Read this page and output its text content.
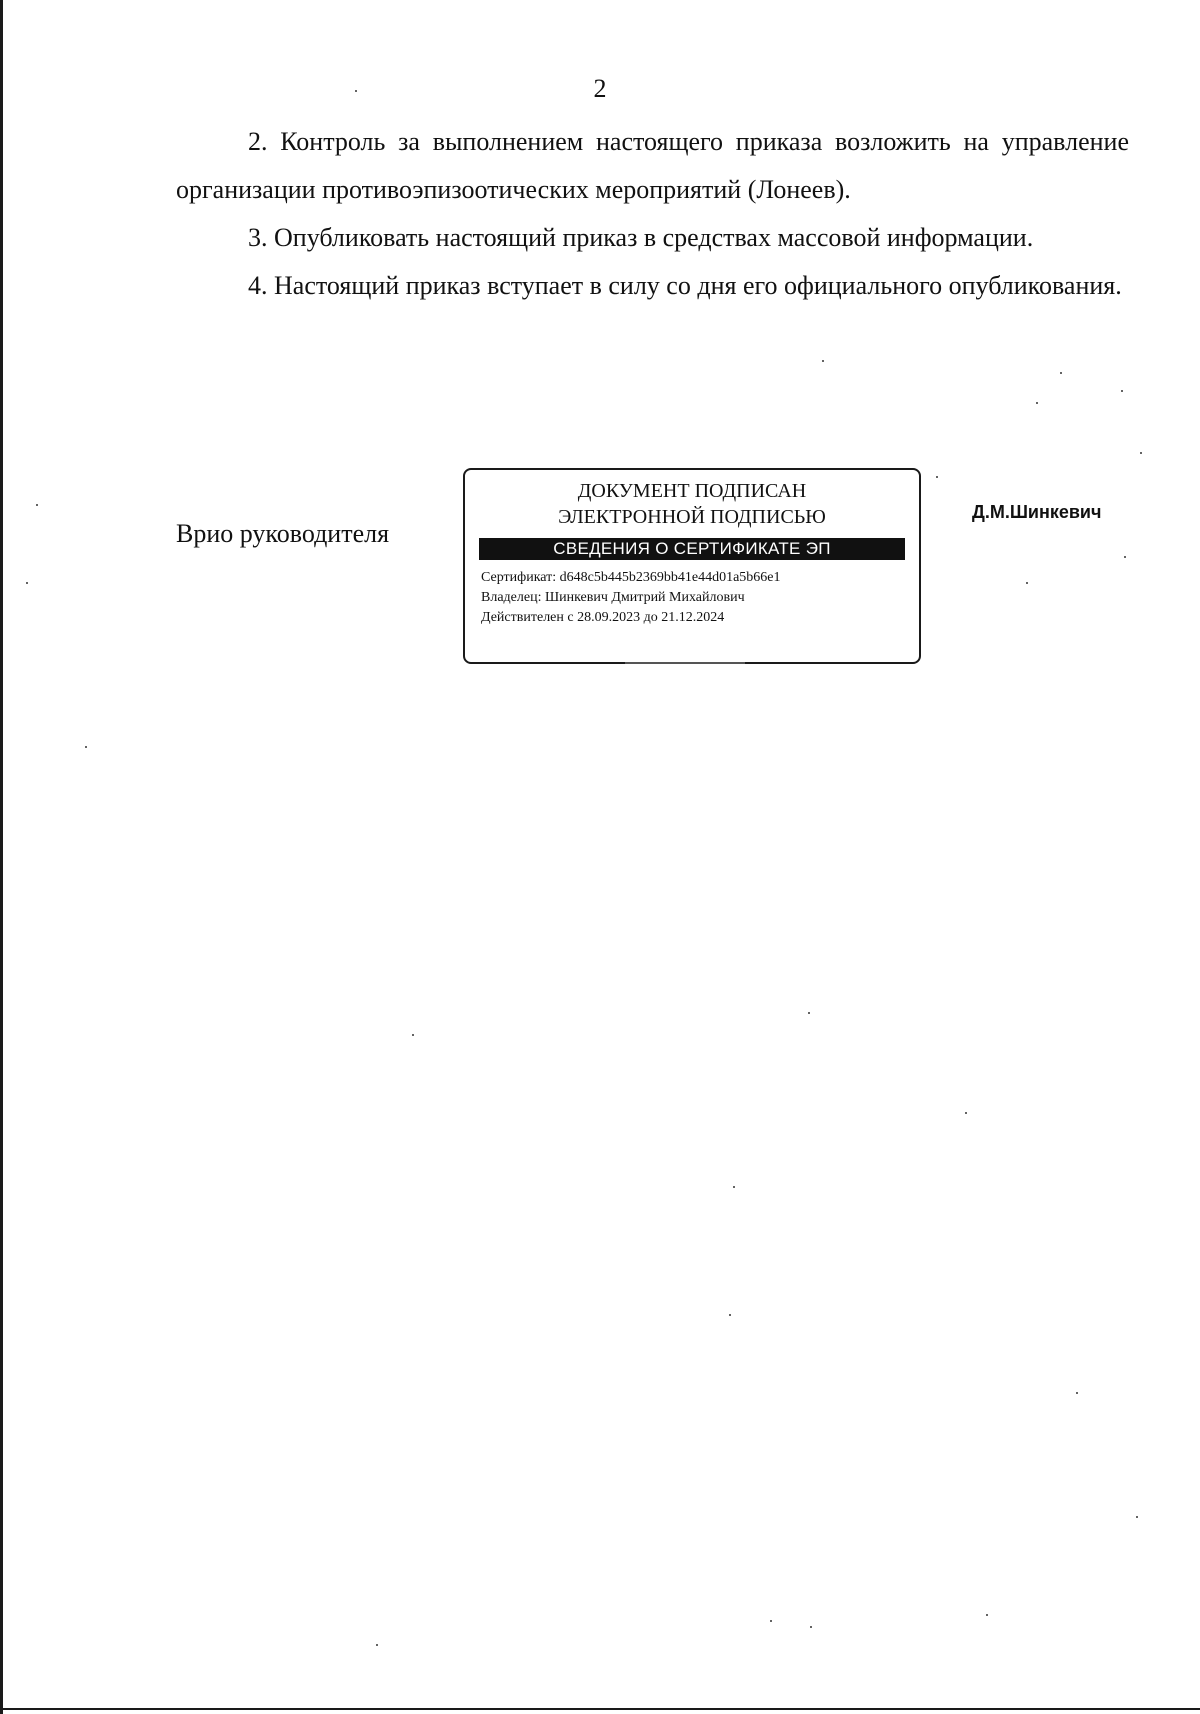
2

2. Контроль за выполнением настоящего приказа возложить на управление организации противоэпизоотических мероприятий (Лонеев).

3. Опубликовать настоящий приказ в средствах массовой информации.

4. Настоящий приказ вступает в силу со дня его официального опубликования.

Врио руководителя
ДОКУМЕНТ ПОДПИСАН
ЭЛЕКТРОННОЙ ПОДПИСЬЮ
СВЕДЕНИЯ О СЕРТИФИКАТЕ ЭП
Сертификат: d648c5b445b2369bb41e44d01a5b66e1
Владелец: Шинкевич Дмитрий Михайлович
Действителен с 28.09.2023 до 21.12.2024
Д.М.Шинкевич
